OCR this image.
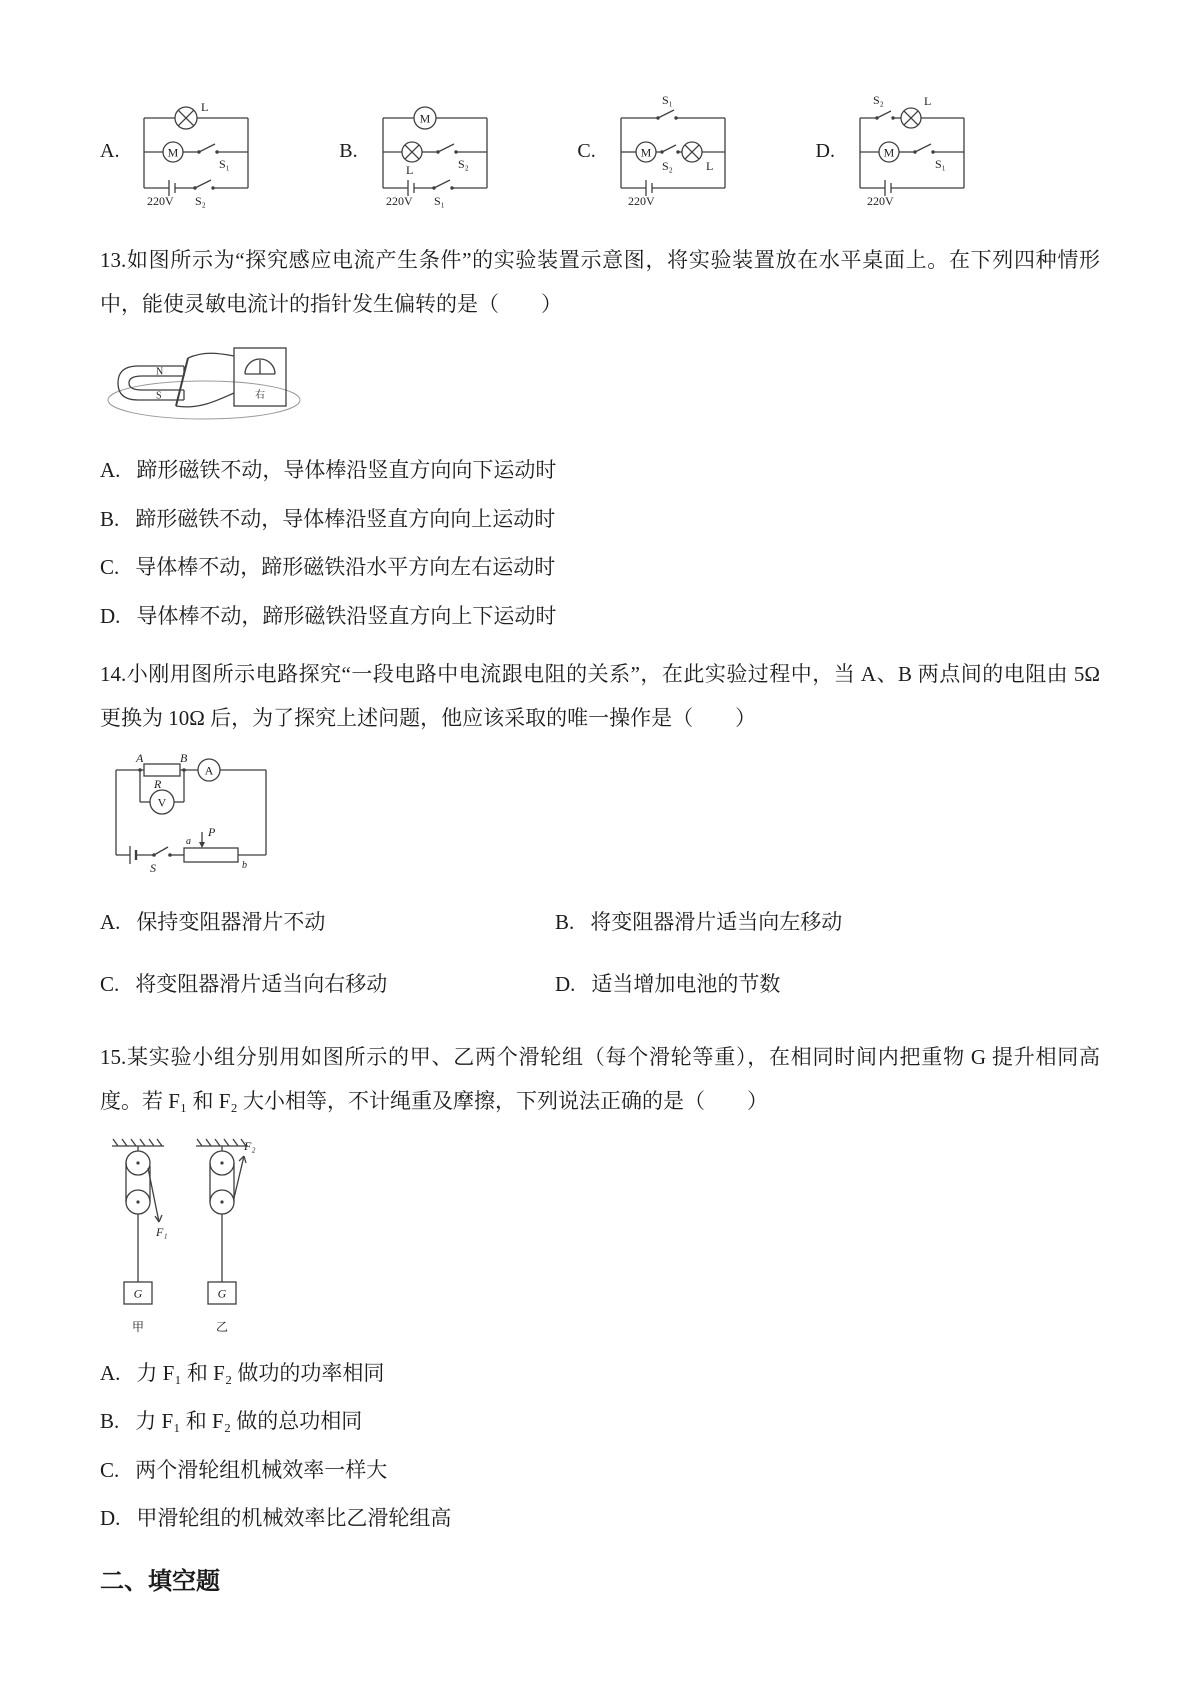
A.
L
M
S₁
220V S₂
B.
M
L	S₂
220V S₁
C.
S₁
M
S₂	L
220V
D.
S₂	L
M
S₁
220V

13.如图所示为“探究感应电流产生条件”的实验装置示意图，将实验装置放在水平桌面上。在下列四种情形中，能使灵敏电流计的指针发生偏转的是（　　）

N
S	右

A. 蹄形磁铁不动，导体棒沿竖直方向向下运动时

B. 蹄形磁铁不动，导体棒沿竖直方向向上运动时

C. 导体棒不动，蹄形磁铁沿水平方向左右运动时

D. 导体棒不动，蹄形磁铁沿竖直方向上下运动时

14.小刚用图所示电路探究“一段电路中电流跟电阻的关系”，在此实验过程中，当 A、B 两点间的电阻由 5Ω 更换为 10Ω 后，为了探究上述问题，他应该采取的唯一操作是（　　）

A	B
R
A
V
S
P
a
b

A. 保持变阻器滑片不动	B. 将变阻器滑片适当向左移动

C. 将变阻器滑片适当向右移动	D. 适当增加电池的节数

15.某实验小组分别用如图所示的甲、乙两个滑轮组（每个滑轮等重），在相同时间内把重物 G 提升相同高度。若 F₁ 和 F₂ 大小相等，不计绳重及摩擦，下列说法正确的是（　　）

F₁
G
甲
F₂
G
乙

A. 力 F₁ 和 F₂ 做功的功率相同

B. 力 F₁ 和 F₂ 做的总功相同

C. 两个滑轮组机械效率一样大

D. 甲滑轮组的机械效率比乙滑轮组高

二、填空题
